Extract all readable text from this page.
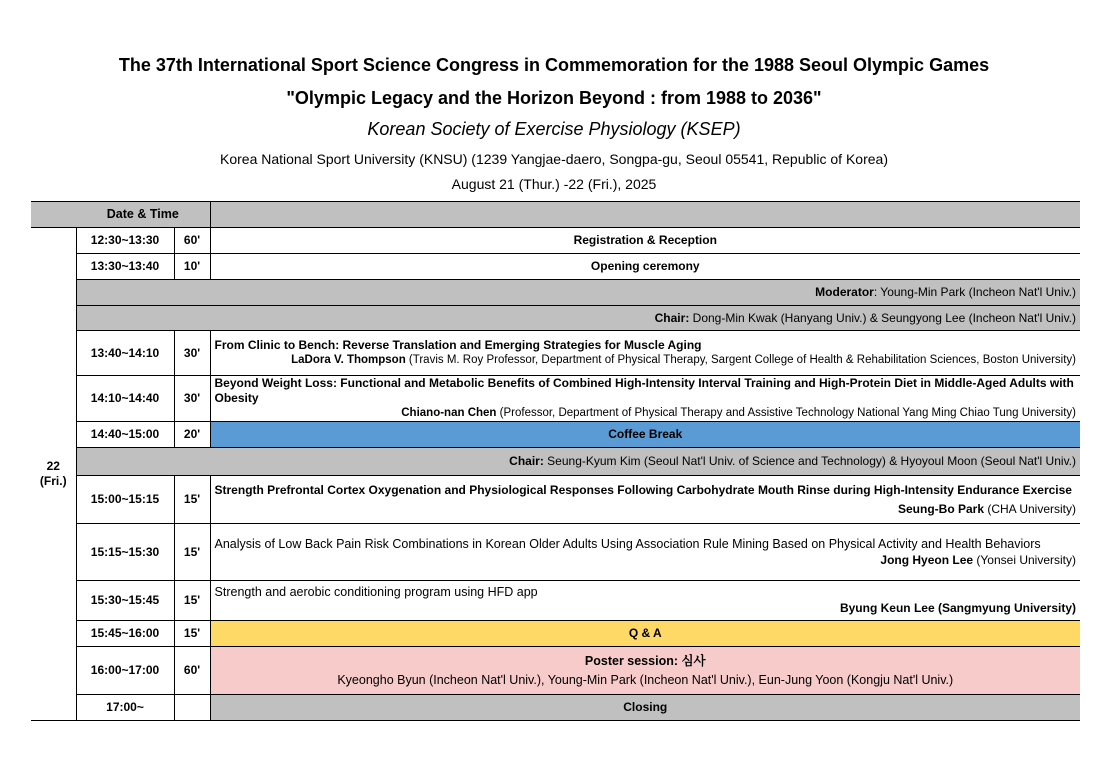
The 37th International Sport Science Congress in Commemoration for the 1988 Seoul Olympic Games
"Olympic Legacy and the Horizon Beyond : from 1988 to 2036"
Korean Society of Exercise Physiology (KSEP)
Korea National Sport University (KNSU) (1239 Yangjae-daero, Songpa-gu, Seoul 05541, Republic of Korea)
August 21 (Thur.) -22 (Fri.), 2025
	Date & Time		

22
(Fri.)	12:30~13:30	60'	Registration & Reception
	13:30~13:40	10'	Opening ceremony
	Moderator: Young-Min Park (Incheon Nat'l Univ.)		
	Chair: Dong-Min Kwak (Hanyang Univ.) & Seungyong Lee (Incheon Nat'l Univ.)		
	13:40~14:10	30'	From Clinic to Bench: Reverse Translation and Emerging Strategies for Muscle Aging
LaDora V. Thompson (Travis M. Roy Professor, Department of Physical Therapy, Sargent College of Health & Rehabilitation Sciences, Boston University)

	14:10~14:40	30'	Beyond Weight Loss: Functional and Metabolic Benefits of Combined High-Intensity Interval Training and High-Protein Diet in Middle-Aged Adults with Obesity
Chiano-nan Chen (Professor, Department of Physical Therapy and Assistive Technology National Yang Ming Chiao Tung University)

	14:40~15:00	20'	Coffee Break
	Chair: Seung-Kyum Kim (Seoul Nat'l Univ. of Science and Technology) & Hyoyoul Moon (Seoul Nat'l Univ.)		
	15:00~15:15	15'	Strength Prefrontal Cortex Oxygenation and Physiological Responses Following Carbohydrate Mouth Rinse during High-Intensity Endurance Exercise
Seung-Bo Park (CHA University)

	15:15~15:30	15'	Analysis of Low Back Pain Risk Combinations in Korean Older Adults Using Association Rule Mining Based on Physical Activity and Health Behaviors
Jong Hyeon Lee (Yonsei University)

	15:30~15:45	15'	Strength and aerobic conditioning program using HFD app
Byung Keun Lee (Sangmyung University)

	15:45~16:00	15'	Q & A
	16:00~17:00	60'	Poster session: 심사
Kyeongho Byun (Incheon Nat'l Univ.), Young-Min Park (Incheon Nat'l Univ.), Eun-Jung Yoon (Kongju Nat'l Univ.)

	17:00~		Closing
